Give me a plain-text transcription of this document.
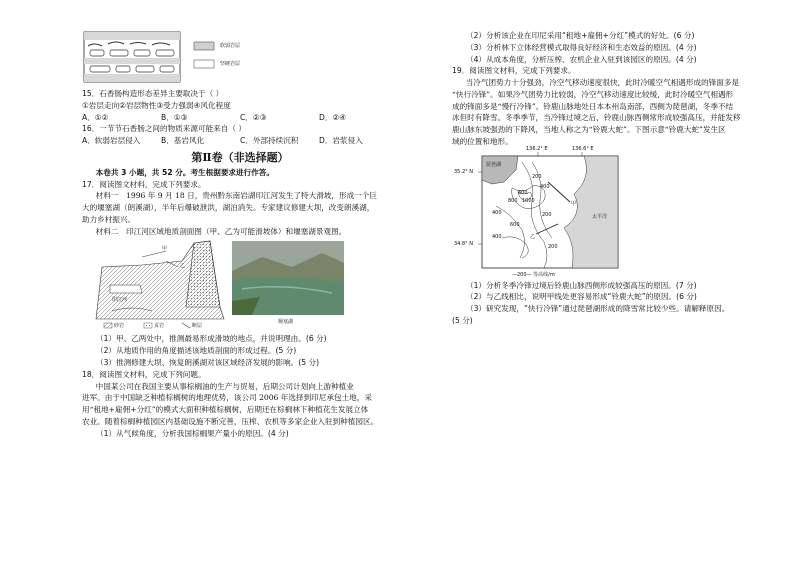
软弱岩层
坚硬岩层
15．石香肠构造形态差异主要取决于（ ）
①岩层走向②岩层物性③受力强弱④风化程度
A．①②	B．①③	C．②③	D．②④
16．一节节石香肠之间的物质来源可能来自（ ）
A．软弱岩层侵入	B．基岩风化	C．外部持续沉积	D．岩浆侵入
第Ⅱ卷（非选择题）
本卷共 3 小题，共 52 分。考生根据要求进行作答。
17．阅读图文材料，完成下列要求。
材料一　1996 年 9 月 18 日，贵州黔东南岩湖印江河发生了特大滑坡，形成一个巨
大的堰塞湖（朗溪湖），半年后爆破泄洪，湖泊消失。专家建议修建大坝，改变朗溪湖，
助力乡村振兴。
材料二　印江河区域地质剖面图（甲、乙为可能滑坡体）和堰塞湖景观图。
甲
乙
印江河
砂岩	页岩	断层
堰塞湖
（1）甲、乙两处中，推测最易形成滑坡的地点，并说明理由。(6 分)
（2）从地质作用的角度描述该地质剖面的形成过程。(5 分)
（3）推测修建大坝、恢复朗溪湖对该区域经济发展的影响。(5 分)
18．阅读图文材料，完成下列问题。
中国某公司在我国主要从事棕榈油的生产与贸易，后期公司计划向上游种植业
进军。由于中国缺乏种植棕榈树的地理优势，该公司 2006 年选择到印尼承包土地，采
用“租地+雇佣+分红”的模式大面积种植棕榈树，后期还在棕榈林下种植花生发展立体
农业。随着棕榈种植园区内基础设施不断完善，压榨、农机等多家企业入驻到种植园区。
（1）从气候角度，分析我国棕榈果产量小的原因。(4 分)
（2）分析该企业在印尼采用“租地+雇佣+分红”模式的好处。(6 分)
（3）分析林下立体经营模式取得良好经济和生态效益的原因。(4 分)
（4）从成本角度，分析压榨、农机企业入驻到该园区的原因。(4 分)
19．阅读图文材料，完成下列要求。
当冷气团势力十分强劲，冷空气移动速度很快，此时冷暖空气相遇形成的锋面多是
“快行冷锋”。如果冷气团势力比较弱，冷空气移动速度比较缓，此时冷暖空气相遇形
成的锋面多是“慢行冷锋”。铃鹿山脉地处日本本州岛南部，西侧为琵琶湖，冬季不结
冰但时有降雪。冬季季节，当冷锋过境之后，铃鹿山脉西侧常形成较强高压，并能发移
鹿山脉东坡强劲的下降风，当地人称之为“铃鹿大蛇”。下图示意“铃鹿大蛇”发生区
域的位置和地形。
136.2° E	136.6° E
35.2° N
34.8° N
琵琶湖
太平洋
甲
乙
200
400
600
800 1000
400	200
600
400
200
—200— 等高线/m
（1）分析冬季冷锋过境后铃鹿山脉西侧形成较强高压的原因。(7 分)
（2）与乙线相比，说明甲线处更容易形成“铃鹿大蛇”的原因。(6 分)
（3）研究发现，“快行冷锋”通过琵琶湖形成的降雪常比较少些。请解释原因。
(5 分)
